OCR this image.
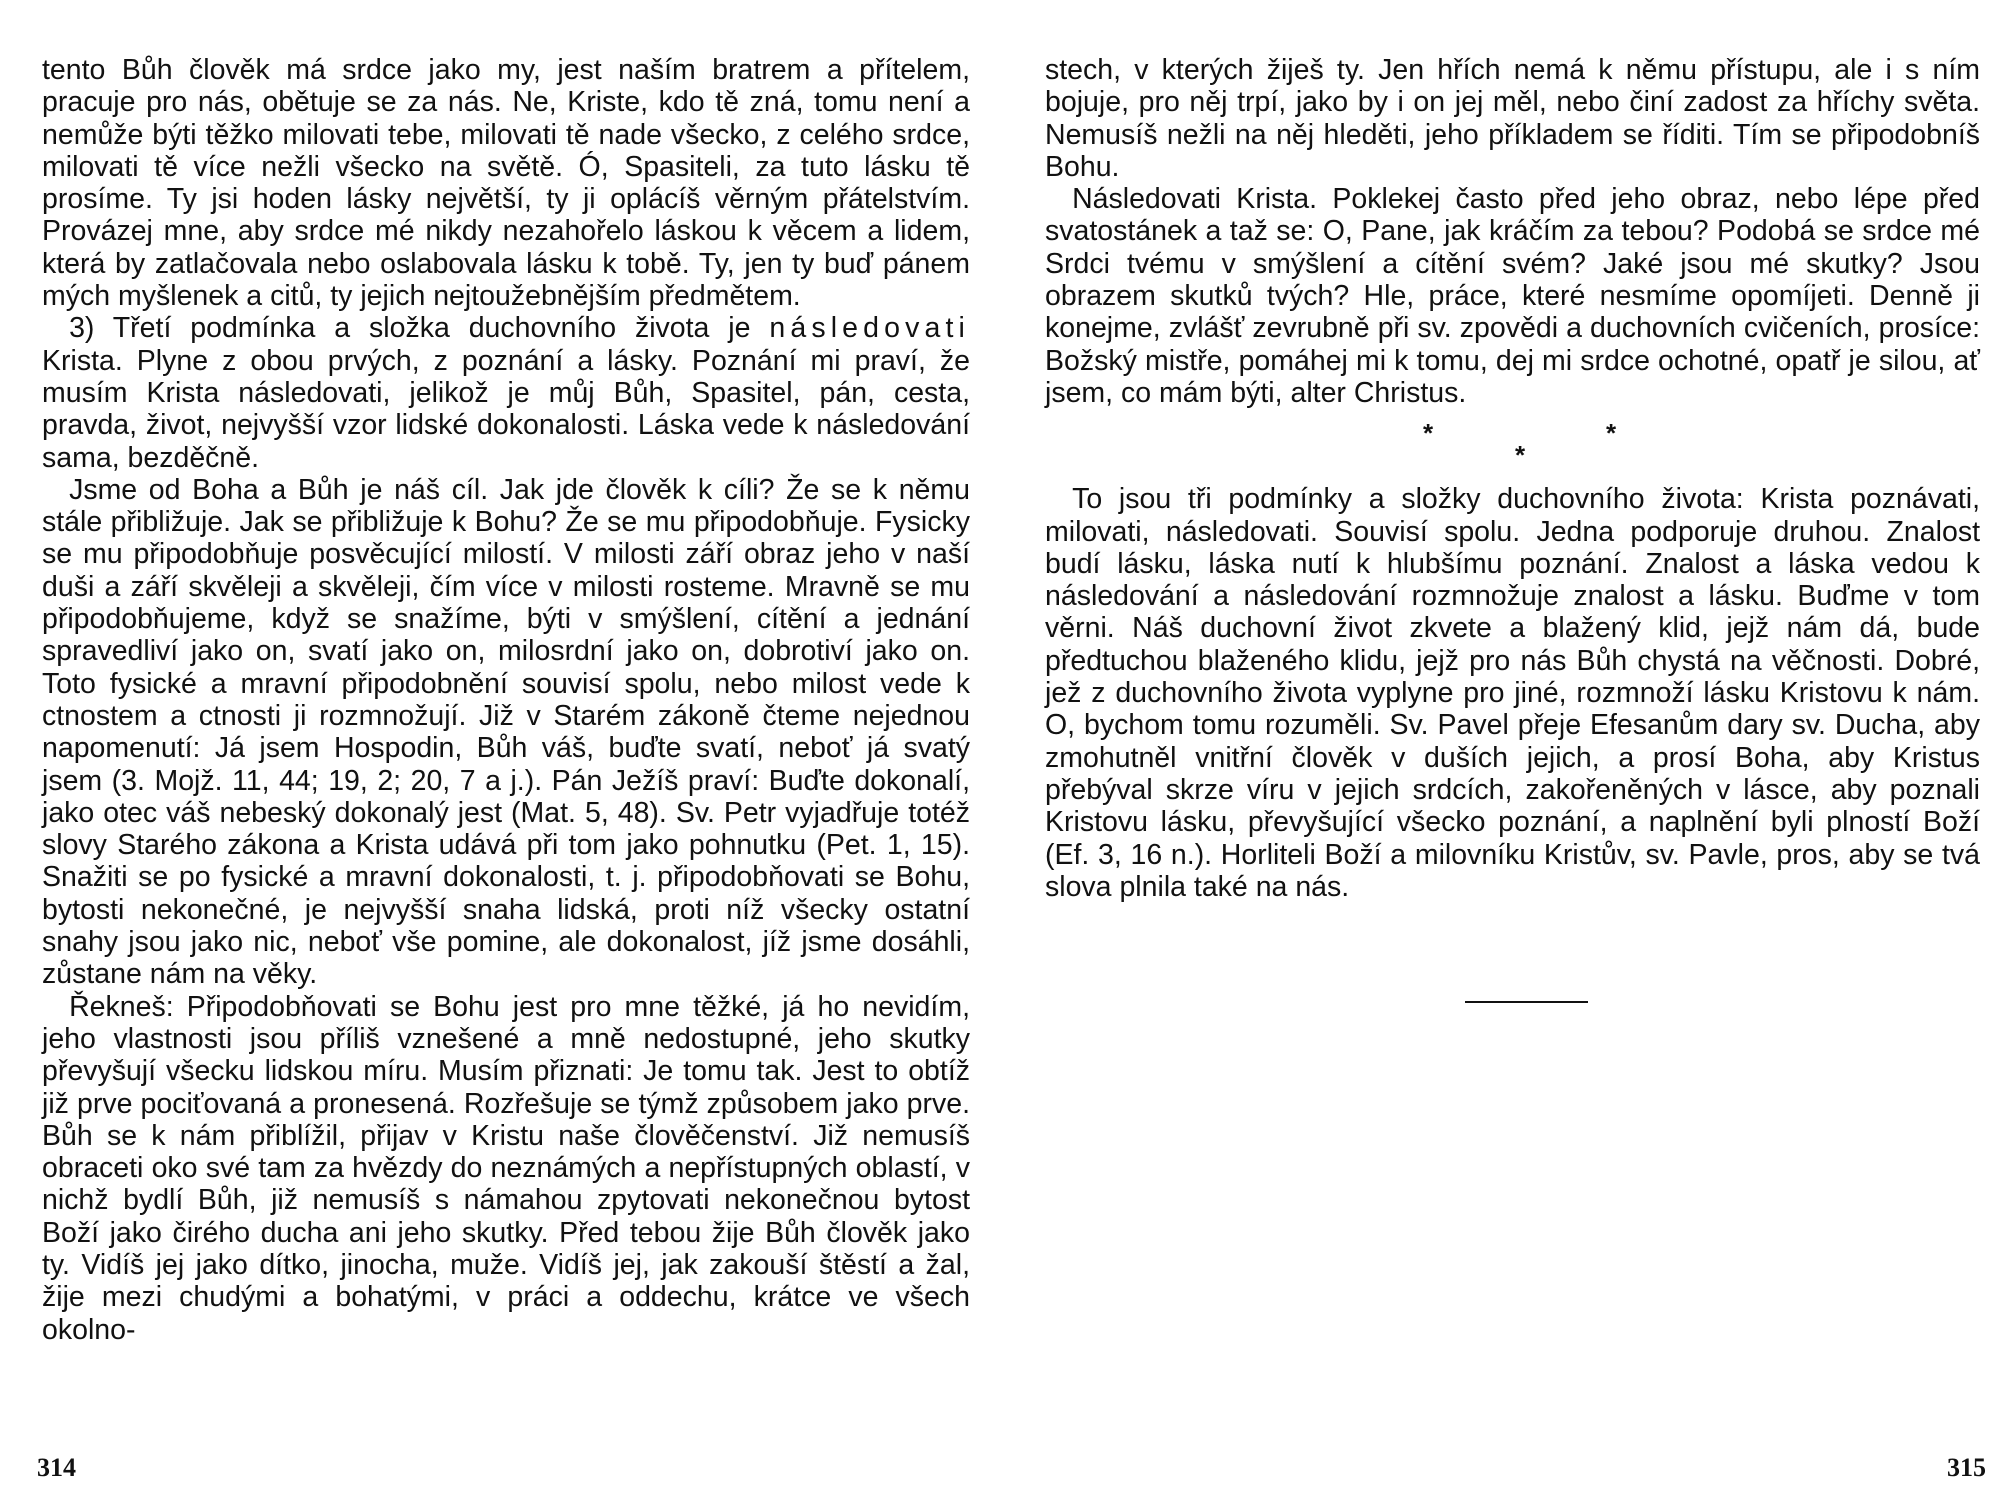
tento Bůh člověk má srdce jako my, jest naším bratrem a přítelem, pracuje pro nás, obětuje se za nás. Ne, Kriste, kdo tě zná, tomu není a nemůže býti těžko milovati tebe, milovati tě nade všecko, z celého srdce, milovati tě více nežli všecko na světě. Ó, Spasiteli, za tuto lásku tě prosíme. Ty jsi hoden lásky největší, ty ji oplácíš věrným přátelstvím. Provázej mne, aby srdce mé nikdy nezahořelo láskou k věcem a lidem, která by zatlačovala nebo oslabovala lásku k tobě. Ty, jen ty buď pánem mých myšlenek a citů, ty jejich nejtoužebnějším předmětem.

3) Třetí podmínka a složka duchovního života je následovati Krista. Plyne z obou prvých, z poznání a lásky. Poznání mi praví, že musím Krista následovati, jelikož je můj Bůh, Spasitel, pán, cesta, pravda, život, nejvyšší vzor lidské dokonalosti. Láska vede k následování sama, bezděčně.

Jsme od Boha a Bůh je náš cíl. Jak jde člověk k cíli? Že se k němu stále přibližuje. Jak se přibližuje k Bohu? Že se mu připodobňuje. Fysicky se mu připodobňuje posvěcující milostí. V milosti září obraz jeho v naší duši a září skvěleji a skvěleji, čím více v milosti rosteme. Mravně se mu připodobňujeme, když se snažíme, býti v smýšlení, cítění a jednání spravedliví jako on, svatí jako on, milosrdní jako on, dobrotiví jako on. Toto fysické a mravní připodobnění souvisí spolu, nebo milost vede k ctnostem a ctnosti ji rozmnožují. Již v Starém zákoně čteme nejednou napomenutí: Já jsem Hospodin, Bůh váš, buďte svatí, neboť já svatý jsem (3. Mojž. 11, 44; 19, 2; 20, 7 a j.). Pán Ježíš praví: Buďte dokonalí, jako otec váš nebeský dokonalý jest (Mat. 5, 48). Sv. Petr vyjadřuje totéž slovy Starého zákona a Krista udává při tom jako pohnutku (Pet. 1, 15). Snažiti se po fysické a mravní dokonalosti, t. j. připodobňovati se Bohu, bytosti nekonečné, je nejvyšší snaha lidská, proti níž všecky ostatní snahy jsou jako nic, neboť vše pomine, ale dokonalost, jíž jsme dosáhli, zůstane nám na věky.

Řekneš: Připodobňovati se Bohu jest pro mne těžké, já ho nevidím, jeho vlastnosti jsou příliš vznešené a mně nedostupné, jeho skutky převyšují všecku lidskou míru. Musím přiznati: Je tomu tak. Jest to obtíž již prve pociťovaná a pronesená. Rozřešuje se týmž způsobem jako prve. Bůh se k nám přiblížil, přijav v Kristu naše člověčenství. Již nemusíš obraceti oko své tam za hvězdy do neznámých a nepřístupných oblastí, v nichž bydlí Bůh, již nemusíš s námahou zpytovati nekonečnou bytost Boží jako čirého ducha ani jeho skutky. Před tebou žije Bůh člověk jako ty. Vidíš jej jako dítko, jinocha, muže. Vidíš jej, jak zakouší štěstí a žal, žije mezi chudými a bohatými, v práci a oddechu, krátce ve všech okolno-

314

stech, v kterých žiješ ty. Jen hřích nemá k němu přístupu, ale i s ním bojuje, pro něj trpí, jako by i on jej měl, nebo činí zadost za hříchy světa. Nemusíš nežli na něj hleděti, jeho příkladem se říditi. Tím se připodobníš Bohu.

Následovati Krista. Poklekej často před jeho obraz, nebo lépe před svatostánek a taž se: O, Pane, jak kráčím za tebou? Podobá se srdce mé Srdci tvému v smýšlení a cítění svém? Jaké jsou mé skutky? Jsou obrazem skutků tvých? Hle, práce, které nesmíme opomíjeti. Denně ji konejme, zvlášť zevrubně při sv. zpovědi a duchovních cvičeních, prosíce: Božský mistře, pomáhej mi k tomu, dej mi srdce ochotné, opatř je silou, ať jsem, co mám býti, alter Christus.

*
*
*

To jsou tři podmínky a složky duchovního života: Krista poznávati, milovati, následovati. Souvisí spolu. Jedna podporuje druhou. Znalost budí lásku, láska nutí k hlubšímu poznání. Znalost a láska vedou k následování a následování rozmnožuje znalost a lásku. Buďme v tom věrni. Náš duchovní život zkvete a blažený klid, jejž nám dá, bude předtuchou blaženého klidu, jejž pro nás Bůh chystá na věčnosti. Dobré, jež z duchovního života vyplyne pro jiné, rozmnoží lásku Kristovu k nám. O, bychom tomu rozuměli. Sv. Pavel přeje Efesanům dary sv. Ducha, aby zmohutněl vnitřní člověk v duších jejich, a prosí Boha, aby Kristus přebýval skrze víru v jejich srdcích, zakořeněných v lásce, aby poznali Kristovu lásku, převyšující všecko poznání, a naplnění byli plností Boží (Ef. 3, 16 n.). Horliteli Boží a milovníku Kristův, sv. Pavle, pros, aby se tvá slova plnila také na nás.

315
